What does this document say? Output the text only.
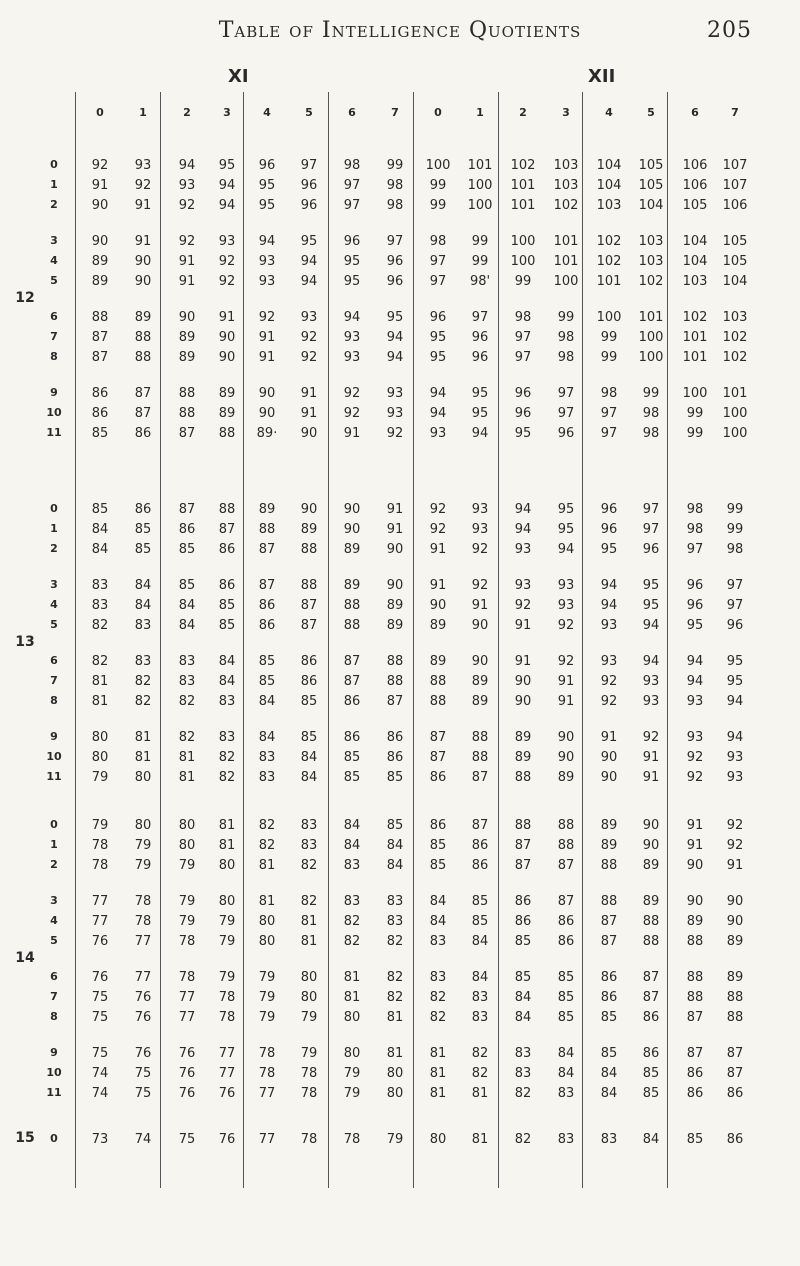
Table of Intelligence Quotients	205
XI	XII
0	1	2	3	4	5	6	7	0	1	2	3	4	5	6	7
0	92	93	94	95	96	97	98	99	100 101 102 103 104 105 106 107
1	91	92	93	94	95	96	97	98	99	100 101 103 104 105 106 107
2	90	91	92	94	95	96	97	98	99	100 101 102 103 104 105 106
3	90	91	92	93	94	95	96	97	98	99	100 101 102 103 104 105
4	89	90	91	92	93	94	95	96	97	99	100 101 102 103 104 105
5	89	90	91	92	93	94	95	96	97	98'	99	100 101 102 103 104
6	88	89	90	91	92	93	94	95	96	97	98	99	100 101 102 103
7	87	88	89	90	91	92	93	94	95	96	97	98	99	100 101 102
8	87	88	89	90	91	92	93	94	95	96	97	98	99	100 101 102
9	86	87	88	89	90	91	92	93	94	95	96	97	98	99	100 101
10	86	87	88	89	90	91	92	93	94	95	96	97	97	98	99	100
11	85	86	87	88	89·	90	91	92	93	94	95	96	97	98	99	100
12
0	85	86	87	88	89	90	90	91	92	93	94	95	96	97	98	99
1	84	85	86	87	88	89	90	91	92	93	94	95	96	97	98	99
2	84	85	85	86	87	88	89	90	91	92	93	94	95	96	97	98
3	83	84	85	86	87	88	89	90	91	92	93	93	94	95	96	97
4	83	84	84	85	86	87	88	89	90	91	92	93	94	95	96	97
5	82	83	84	85	86	87	88	89	89	90	91	92	93	94	95	96
6	82	83	83	84	85	86	87	88	89	90	91	92	93	94	94	95
7	81	82	83	84	85	86	87	88	88	89	90	91	92	93	94	95
8	81	82	82	83	84	85	86	87	88	89	90	91	92	93	93	94
9	80	81	82	83	84	85	86	86	87	88	89	90	91	92	93	94
10	80	81	81	82	83	84	85	86	87	88	89	90	90	91	92	93
11	79	80	81	82	83	84	85	85	86	87	88	89	90	91	92	93
13
0	79	80	80	81	82	83	84	85	86	87	88	88	89	90	91	92
1	78	79	80	81	82	83	84	84	85	86	87	88	89	90	91	92
2	78	79	79	80	81	82	83	84	85	86	87	87	88	89	90	91
3	77	78	79	80	81	82	83	83	84	85	86	87	88	89	90	90
4	77	78	79	79	80	81	82	83	84	85	86	86	87	88	89	90
5	76	77	78	79	80	81	82	82	83	84	85	86	87	88	88	89
6	76	77	78	79	79	80	81	82	83	84	85	85	86	87	88	89
7	75	76	77	78	79	80	81	82	82	83	84	85	86	87	88	88
8	75	76	77	78	79	79	80	81	82	83	84	85	85	86	87	88
9	75	76	76	77	78	79	80	81	81	82	83	84	85	86	87	87
10	74	75	76	77	78	78	79	80	81	82	83	84	84	85	86	87
11	74	75	76	76	77	78	79	80	81	81	82	83	84	85	86	86
14
0	73	74	75	76	77	78	78	79	80	81	82	83	83	84	85	86
15
